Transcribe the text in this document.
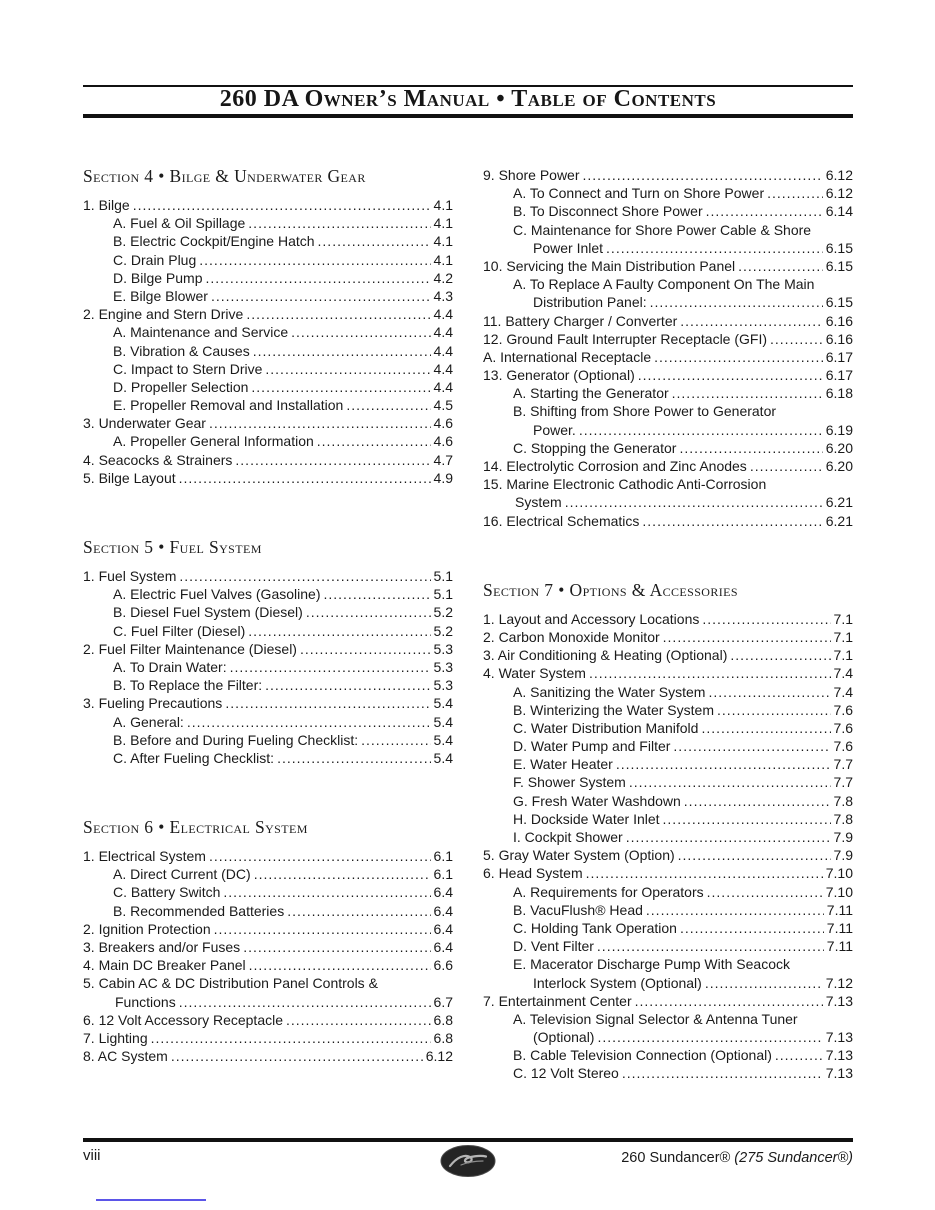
260 DA Owner’s Manual • Table of Contents
Section 4 • Bilge & Underwater Gear
1. Bilge .....	4.1
A. Fuel & Oil Spillage .....	4.1
B. Electric Cockpit/Engine Hatch .....	4.1
C. Drain Plug .....	4.1
D. Bilge Pump .....	4.2
E. Bilge Blower .....	4.3
2. Engine and Stern Drive .....	4.4
A. Maintenance and Service .....	4.4
B. Vibration & Causes .....	4.4
C. Impact to Stern Drive .....	4.4
D. Propeller Selection .....	4.4
E. Propeller Removal and Installation .....	4.5
3. Underwater Gear .....	4.6
A. Propeller General Information .....	4.6
4. Seacocks & Strainers .....	4.7
5. Bilge Layout .....	4.9
Section 5 • Fuel System
1. Fuel System .....	5.1
A. Electric Fuel Valves (Gasoline) .....	5.1
B. Diesel Fuel System (Diesel) .....	5.2
C. Fuel Filter (Diesel) .....	5.2
2. Fuel Filter Maintenance (Diesel) .....	5.3
A. To Drain Water: .....	5.3
B. To Replace the Filter: .....	5.3
3. Fueling Precautions .....	5.4
A. General: .....	5.4
B. Before and During Fueling Checklist: .....	5.4
C. After Fueling Checklist: .....	5.4
Section 6 • Electrical System
1. Electrical System .....	6.1
A. Direct Current (DC) .....	6.1
C. Battery Switch .....	6.4
B. Recommended Batteries .....	6.4
2. Ignition Protection .....	6.4
3. Breakers and/or Fuses .....	6.4
4. Main DC Breaker Panel .....	6.6
5. Cabin AC & DC Distribution Panel Controls &
Functions .....	6.7
6. 12 Volt Accessory Receptacle .....	6.8
7. Lighting .....	6.8
8. AC System .....	6.12
9. Shore Power .....	6.12
A. To Connect and Turn on Shore Power .....	6.12
B. To Disconnect Shore Power .....	6.14
C. Maintenance for Shore Power Cable & Shore
Power Inlet .....	6.15
10. Servicing the Main Distribution Panel .....	6.15
A. To Replace A Faulty Component On The Main
Distribution Panel: .....	6.15
11. Battery Charger / Converter .....	6.16
12. Ground Fault Interrupter Receptacle (GFI) .....	6.16
A. International Receptacle .....	6.17
13. Generator (Optional) .....	6.17
A. Starting the Generator .....	6.18
B. Shifting from Shore Power to Generator
Power. .....	6.19
C. Stopping the Generator .....	6.20
14. Electrolytic Corrosion and Zinc Anodes .....	6.20
15. Marine Electronic Cathodic Anti-Corrosion
System .....	6.21
16. Electrical Schematics .....	6.21
Section 7 • Options & Accessories
1. Layout and Accessory Locations .....	7.1
2. Carbon Monoxide Monitor .....	7.1
3. Air Conditioning & Heating (Optional) .....	7.1
4. Water System .....	7.4
A. Sanitizing the Water System .....	7.4
B. Winterizing the Water System .....	7.6
C. Water Distribution Manifold .....	7.6
D. Water Pump and Filter .....	7.6
E. Water Heater .....	7.7
F. Shower System .....	7.7
G. Fresh Water Washdown .....	7.8
H. Dockside Water Inlet .....	7.8
I. Cockpit Shower .....	7.9
5. Gray Water System (Option) .....	7.9
6. Head System .....	7.10
A. Requirements for Operators .....	7.10
B. VacuFlush® Head .....	7.11
C. Holding Tank Operation .....	7.11
D. Vent Filter .....	7.11
E. Macerator Discharge Pump With Seacock
Interlock System (Optional) .....	7.12
7. Entertainment Center .....	7.13
A. Television Signal Selector & Antenna Tuner
(Optional) .....	7.13
B. Cable Television Connection (Optional) .....	7.13
C. 12 Volt Stereo .....	7.13
viii	260 Sundancer® (275 Sundancer®)
